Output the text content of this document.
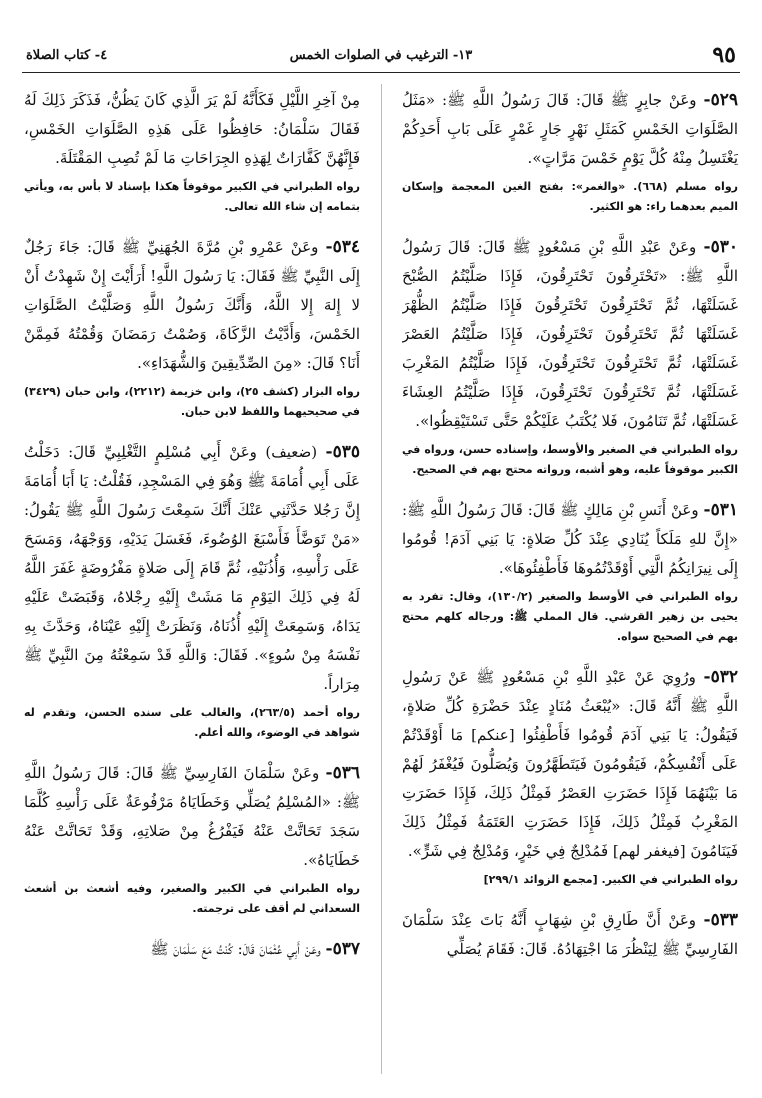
٩٥
١٣- الترغيب في الصلوات الخمس
٤- كتاب الصلاة

٥٢٩- وعَنْ جابِرٍ ﷺ قَالَ: قَالَ رَسُولُ اللَّهِ ﷺ: «مَثَلُ الصَّلَوَاتِ الخَمْسِ كَمَثَلِ نَهْرٍ جَارٍ غَمْرٍ عَلَى بَابِ أَحَدِكُمْ يَغْتَسِلُ مِنْهُ كُلَّ يَوْمٍ خَمْسَ مَرَّاتٍ».

رواه مسلم (٦٦٨). «والغمر»: بفتح الغين المعجمة وإسكان الميم بعدهما راء: هو الكثير.

٥٣٠- وعَنْ عَبْدِ اللَّهِ بْنِ مَسْعُودٍ ﷺ قَالَ: قَالَ رَسُولُ اللَّهِ ﷺ: «تَحْتَرِقُونَ تَحْتَرِقُونَ، فَإِذَا صَلَّيْتُمُ الصُّبْحَ غَسَلَتْهَا، ثُمَّ تَحْتَرِقُونَ تَحْتَرِقُونَ فَإِذَا صَلَّيْتُمُ الظُّهْرَ غَسَلَتْهَا ثُمَّ تَحْتَرِقُونَ تَحْتَرِقُونَ، فَإِذَا صَلَّيْتُمُ العَصْرَ غَسَلَتْهَا، ثُمَّ تَحْتَرِقُونَ تَحْتَرِقُونَ، فَإِذَا صَلَّيْتُمُ المَغْرِبَ غَسَلَتْهَا، ثُمَّ تَحْتَرِقُونَ تَحْتَرِقُونَ، فَإِذَا صَلَّيْتُمُ العِشَاءَ غَسَلَتْهَا، ثُمَّ تَنَامُونَ، فَلا يُكْتَبُ عَلَيْكُمْ حَتَّى تَسْتَيْقِظُوا».

رواه الطبراني في الصغير والأوسط، وإسناده حسن، ورواه في الكبير موقوفاً عليه، وهو أشبه، ورواته محتج بهم في الصحيح.

٥٣١- وعَنْ أَنَسِ بْنِ مَالِكٍ ﷺ قَالَ: قَالَ رَسُولُ اللَّهِ ﷺ: «إِنَّ للهِ مَلَكاً يُنَادِي عِنْدَ كُلِّ صَلاةٍ: يَا بَنِي آدَمَ! قُومُوا إِلَى نِيرَانِكُمُ الَّتِي أَوْقَدْتُمُوهَا فَأَطْفِئُوهَا».

رواه الطبراني في الأوسط والصغير (١٣٠/٢)، وقال: تفرد به يحيى بن زهير القرشي. قال المملي ﷺ: ورجاله كلهم محتج بهم في الصحيح سواه.

٥٣٢- ورُوِيَ عَنْ عَبْدِ اللَّهِ بْنِ مَسْعُودٍ ﷺ عَنْ رَسُولِ اللَّهِ ﷺ أَنَّهُ قَالَ: «يُبْعَثُ مُنَادٍ عِنْدَ حَضْرَةِ كُلِّ صَلاةٍ، فَيَقُولُ: يَا بَنِي آدَمَ قُومُوا فَأَطْفِئُوا [عنكم] مَا أَوْقَدْتُمْ عَلَى أَنْفُسِكُمْ، فَيَقُومُونَ فَيَتَطَهَّرُونَ وَيُصَلُّونَ فَيُغْفَرُ لَهُمْ مَا بَيْنَهُمَا فَإِذَا حَضَرَتِ العَصْرُ فَمِثْلُ ذَلِكَ، فَإِذَا حَضَرَتِ المَغْرِبُ فَمِثْلُ ذَلِكَ، فَإِذَا حَضَرَتِ العَتَمَةُ فَمِثْلُ ذَلِكَ فَيَنَامُونَ [فيغفر لهم] فَمُدْلِجٌ فِي خَيْرٍ، وَمُدْلِجٌ فِي شَرٍّ».

رواه الطبراني في الكبير. [مجمع الزوائد ٢٩٩/١]

٥٣٣- وعَنْ أَنَّ طَارِقِ بْنِ شِهَابٍ أَنَّهُ بَاتَ عِنْدَ سَلْمَانَ الفَارِسِيِّ ﷺ لِيَنْظُرَ مَا اجْتِهَادُهُ. قَالَ: فَقَامَ يُصَلِّي

مِنْ آخِرِ اللَّيْلِ فَكَأَنَّهُ لَمْ يَرَ الَّذِي كَانَ يَظُنُّ، فَذَكَرَ ذَلِكَ لَهُ فَقَالَ سَلْمَانُ: حَافِظُوا عَلَى هَذِهِ الصَّلَوَاتِ الخَمْسِ، فَإِنَّهُنَّ كَفَّارَاتٌ لِهَذِهِ الجِرَاحَاتِ مَا لَمْ تُصِبِ المَقْتَلَةَ.

رواه الطبراني في الكبير موقوفاً هكذا بإسناد لا بأس به، ويأتي بتمامه إن شاء الله تعالى.

٥٣٤- وعَنْ عَمْرِو بْنِ مُرَّةَ الجُهَنِيِّ ﷺ قَالَ: جَاءَ رَجُلٌ إِلَى النَّبِيِّ ﷺ فَقَالَ: يَا رَسُولَ اللَّهِ! أَرَأَيْتَ إِنْ شَهِدْتُ أَنْ لا إِلهَ إِلا اللَّهُ، وَأَنَّكَ رَسُولُ اللَّهِ وَصَلَّيْتُ الصَّلَوَاتِ الخَمْسَ، وَأَدَّيْتُ الزَّكَاةَ، وَصُمْتُ رَمَضَانَ وَقُمْتُهُ فَمِمَّنْ أَنَا؟ قَالَ: «مِنَ الصِّدِّيقِينَ وَالشُّهَدَاءِ».

رواه البزار (كشف ٢٥)، وابن خزيمة (٢٢١٢)، وابن حبان (٣٤٢٩) في صحيحيهما واللفظ لابن حبان.

٥٣٥- (ضعيف) وعَنْ أَبِي مُسْلِمٍ التَّغْلِبِيِّ قَالَ: دَخَلْتُ عَلَى أَبِي أُمَامَةَ ﷺ وَهُوَ فِي المَسْجِدِ، فَقُلْتُ: يَا أَبَا أُمَامَةَ إِنَّ رَجُلا حَدَّثَنِي عَنْكَ أَنَّكَ سَمِعْتَ رَسُولَ اللَّهِ ﷺ يَقُولُ: «مَنْ تَوَضَّأَ فَأَسْبَغَ الوُضُوءَ، فَغَسَلَ يَدَيْهِ، وَوَجْهَهُ، وَمَسَحَ عَلَى رَأْسِهِ، وَأُذُنَيْهِ، ثُمَّ قَامَ إِلَى صَلاةٍ مَفْرُوضَةٍ غَفَرَ اللَّهُ لَهُ فِي ذَلِكَ اليَوْمِ مَا مَشَتْ إِلَيْهِ رِجْلاهُ، وَقَبَضَتْ عَلَيْهِ يَدَاهُ، وَسَمِعَتْ إِلَيْهِ أُذُنَاهُ، وَنَظَرَتْ إِلَيْهِ عَيْنَاهُ، وَحَدَّثَ بِهِ نَفْسَهُ مِنْ سُوءٍ». فَقَالَ: وَاللَّهِ قَدْ سَمِعْتُهُ مِنَ النَّبِيِّ ﷺ مِرَاراً.

رواه أحمد (٢٦٣/٥)، والغالب على سنده الحسن، وتقدم له شواهد في الوضوء، والله أعلم.

٥٣٦- وعَنْ سَلْمَانَ الفَارِسِيِّ ﷺ قَالَ: قَالَ رَسُولُ اللَّهِ ﷺ: «المُسْلِمُ يُصَلِّي وَخَطَايَاهُ مَرْفُوعَةٌ عَلَى رَأْسِهِ كُلَّمَا سَجَدَ تَحَاتَّتْ عَنْهُ فَيَفْرُغُ مِنْ صَلاتِهِ، وَقَدْ تَحَاتَّتْ عَنْهُ خَطَايَاهُ».

رواه الطبراني في الكبير والصغير، وفيه أشعث بن أشعث السعداني لم أقف على ترجمته.

٥٣٧- وعَنْ أَبِي عُثْمَانَ قَالَ: كُنْتُ مَعَ سَلْمَانَ ﷺ
